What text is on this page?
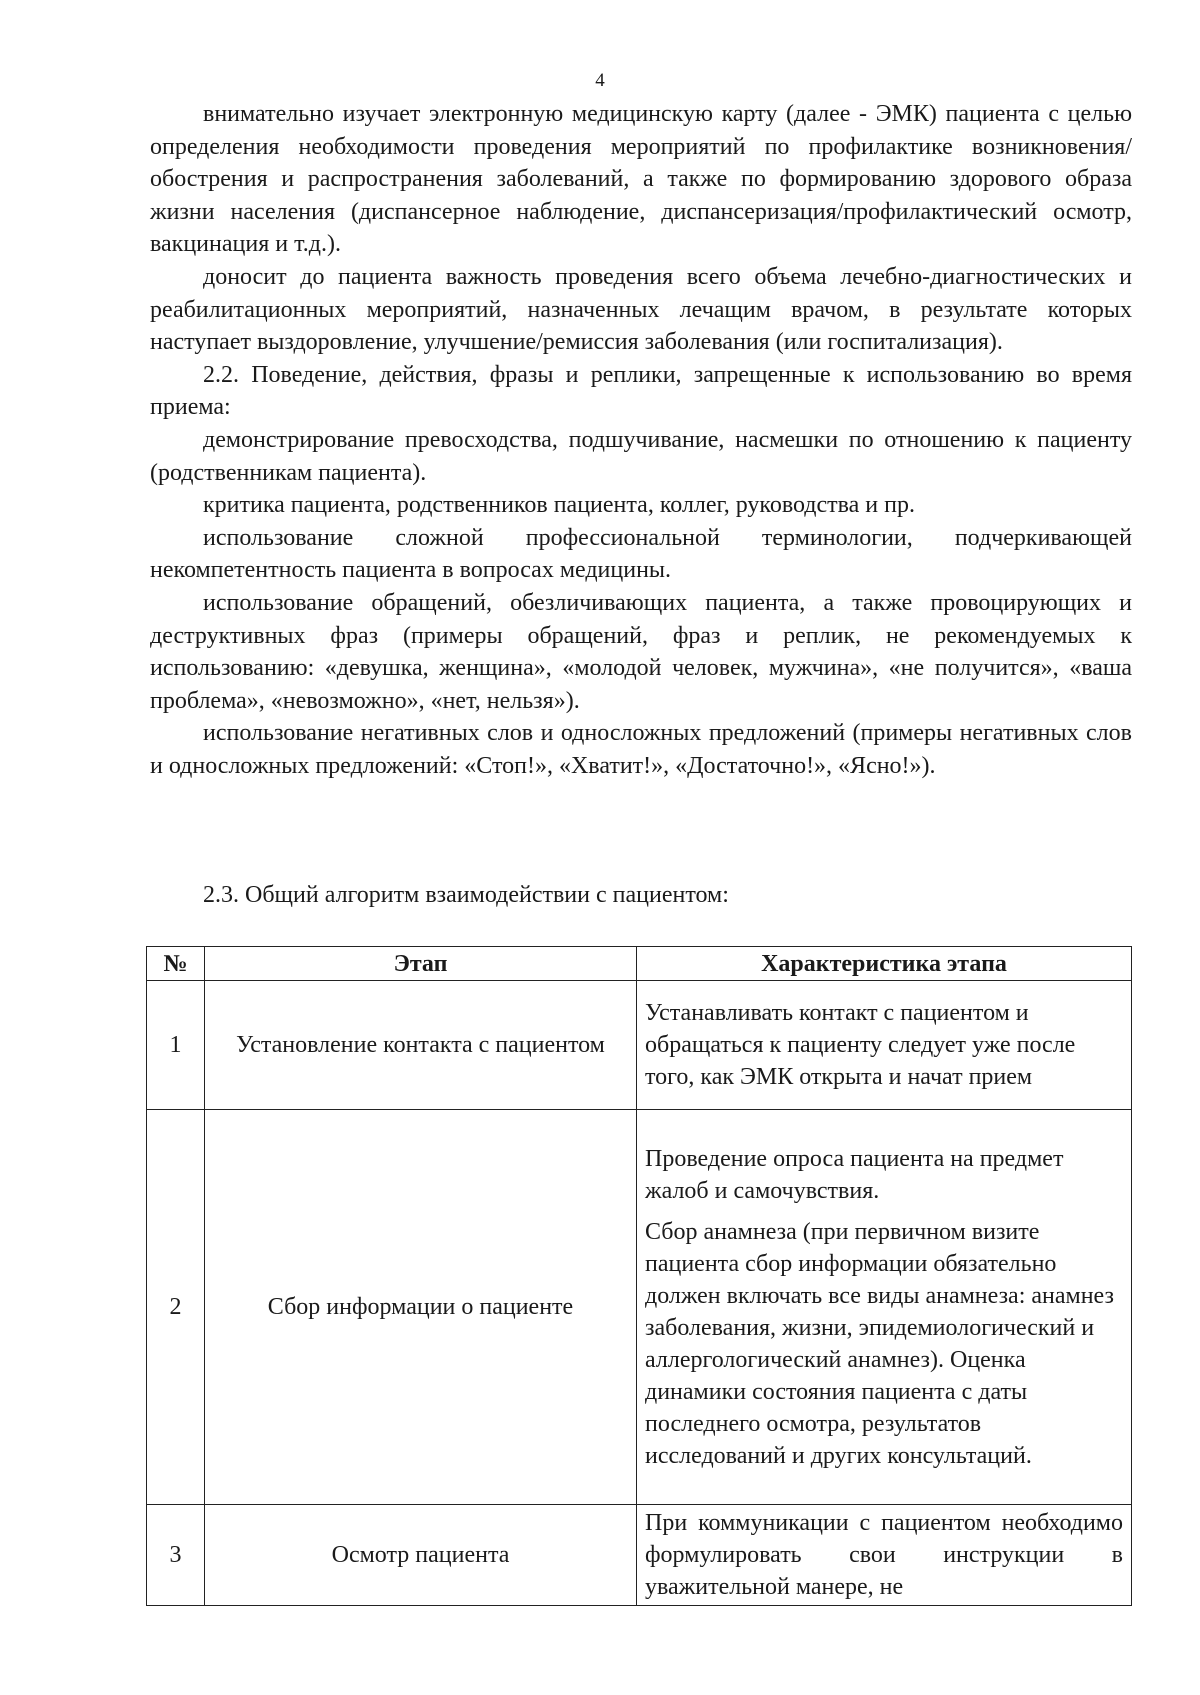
4

внимательно изучает электронную медицинскую карту (далее - ЭМК) пациента с целью определения необходимости проведения мероприятий по профилактике возникновения/обострения и распространения заболеваний, а также по формированию здорового образа жизни населения (диспансерное наблюдение, диспансеризация/профилактический осмотр, вакцинация и т.д.).

доносит до пациента важность проведения всего объема лечебно-диагностических и реабилитационных мероприятий, назначенных лечащим врачом, в результате которых наступает выздоровление, улучшение/ремиссия заболевания (или госпитализация).

2.2. Поведение, действия, фразы и реплики, запрещенные к использованию во время приема:

демонстрирование превосходства, подшучивание, насмешки по отношению к пациенту (родственникам пациента).

критика пациента, родственников пациента, коллег, руководства и пр.

использование сложной профессиональной терминологии, подчеркивающей некомпетентность пациента в вопросах медицины.

использование обращений, обезличивающих пациента, а также провоцирующих и деструктивных фраз (примеры обращений, фраз и реплик, не рекомендуемых к использованию: «девушка, женщина», «молодой человек, мужчина», «не получится», «ваша проблема», «невозможно», «нет, нельзя»).

использование негативных слов и односложных предложений (примеры негативных слов и односложных предложений: «Стоп!», «Хватит!», «Достаточно!», «Ясно!»).

2.3. Общий алгоритм взаимодействии с пациентом:
№	Этап	Характеристика этапа
1	Установление контакта с пациентом	Устанавливать контакт с пациентом и обращаться к пациенту следует уже после того, как ЭМК открыта и начат прием

2	Сбор информации о пациенте	Проведение опроса пациента на предмет жалоб и самочувствия.

Сбор анамнеза (при первичном визите пациента сбор информации обязательно должен включать все виды анамнеза: анамнез заболевания, жизни, эпидемиологический и аллергологический анамнез). Оценка динамики состояния пациента с даты последнего осмотра, результатов исследований и других консультаций.

3	Осмотр пациента	При коммуникации с пациентом необходимо формулировать свои инструкции в уважительной манере, не
